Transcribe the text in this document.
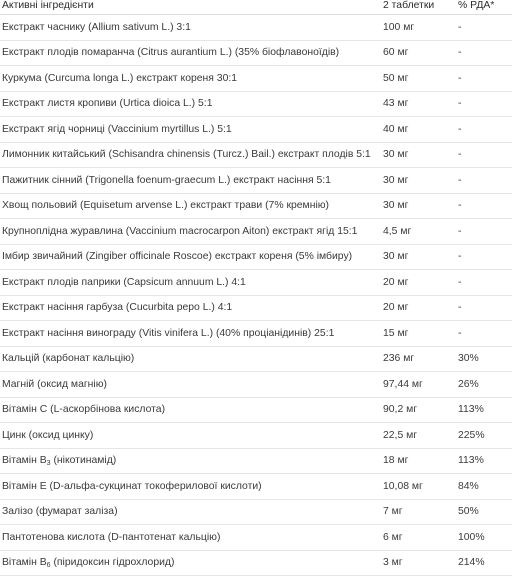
Активні інгредієнти	2 таблетки	% РДА*
Екстракт часнику (Allium sativum L.) 3:1	100 мг	-
Екстракт плодів помаранча (Citrus aurantium L.) (35% біофлавоноїдів)	60 мг	-
Куркума (Curcuma longa L.) екстракт кореня 30:1	50 мг	-
Екстракт листя кропиви (Urtica dioica L.) 5:1	43 мг	-
Екстракт ягід чорниці (Vaccinium myrtillus L.) 5:1	40 мг	-
Лимонник китайський (Schisandra chinensis (Turcz.) Bail.) екстракт плодів 5:1	30 мг	-
Пажитник сінний (Trigonella foenum-graecum L.) екстракт насіння 5:1	30 мг	-
Хвощ польовий (Equisetum arvense L.) екстракт трави (7% кремнію)	30 мг	-
Крупноплідна журавлина (Vaccinium macrocarpon Aiton) екстракт ягід 15:1	4,5 мг	-
Імбир звичайний (Zingiber officinale Roscoe) екстракт кореня (5% імбиру)	30 мг	-
Екстракт плодів паприки (Capsicum annuum L.) 4:1	20 мг	-
Екстракт насіння гарбуза (Cucurbita pepo L.) 4:1	20 мг	-
Екстракт насіння винограду (Vitis vinifera L.) (40% проціанідинів) 25:1	15 мг	-
Кальцій (карбонат кальцію)	236 мг	30%
Магній (оксид магнію)	97,44 мг	26%
Вітамін C (L-аскорбінова кислота)	90,2 мг	113%
Цинк (оксид цинку)	22,5 мг	225%
Вітамін $B_3$ (нікотинамід)	18 мг	113%
Вітамін E (D-альфа-сукцинат токоферилової кислоти)	10,08 мг	84%
Залізо (фумарат заліза)	7 мг	50%
Пантотенова кислота (D-пантотенат кальцію)	6 мг	100%
Вітамін $B_6$ (піридоксин гідрохлорид)	3 мг	214%
